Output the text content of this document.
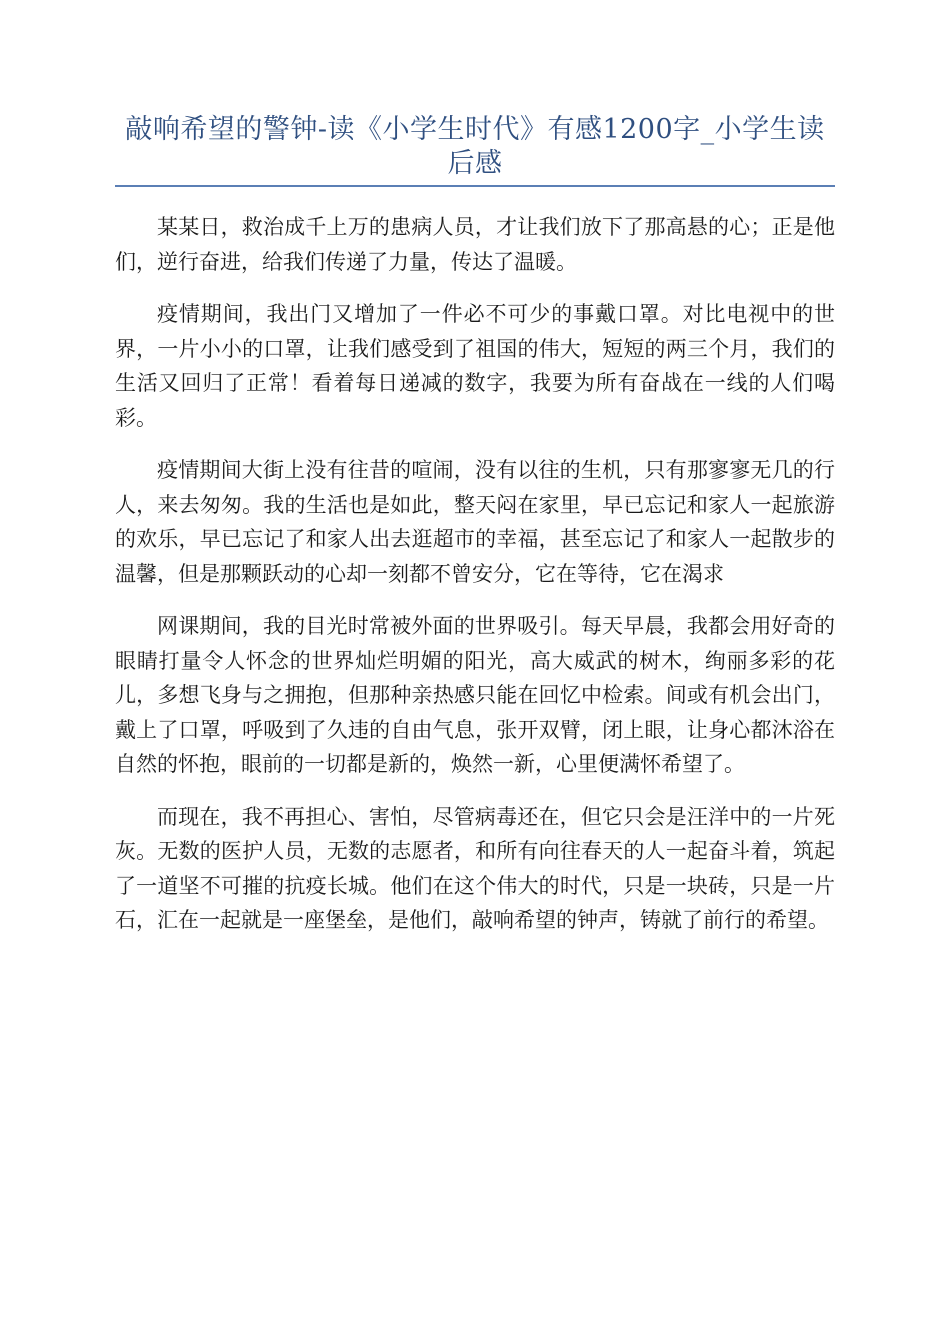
敲响希望的警钟-读《小学生时代》有感1200字_小学生读后感

某某日，救治成千上万的患病人员，才让我们放下了那高悬的心；正是他们，逆行奋进，给我们传递了力量，传达了温暖。

疫情期间，我出门又增加了一件必不可少的事戴口罩。对比电视中的世界，一片小小的口罩，让我们感受到了祖国的伟大，短短的两三个月，我们的生活又回归了正常！看着每日递减的数字，我要为所有奋战在一线的人们喝彩。

疫情期间大街上没有往昔的喧闹，没有以往的生机，只有那寥寥无几的行人，来去匆匆。我的生活也是如此，整天闷在家里，早已忘记和家人一起旅游的欢乐，早已忘记了和家人出去逛超市的幸福，甚至忘记了和家人一起散步的温馨，但是那颗跃动的心却一刻都不曾安分，它在等待，它在渴求

网课期间，我的目光时常被外面的世界吸引。每天早晨，我都会用好奇的眼睛打量令人怀念的世界灿烂明媚的阳光，高大威武的树木，绚丽多彩的花儿，多想飞身与之拥抱，但那种亲热感只能在回忆中检索。间或有机会出门，戴上了口罩，呼吸到了久违的自由气息，张开双臂，闭上眼，让身心都沐浴在自然的怀抱，眼前的一切都是新的，焕然一新，心里便满怀希望了。

而现在，我不再担心、害怕，尽管病毒还在，但它只会是汪洋中的一片死灰。无数的医护人员，无数的志愿者，和所有向往春天的人一起奋斗着，筑起了一道坚不可摧的抗疫长城。他们在这个伟大的时代，只是一块砖，只是一片石，汇在一起就是一座堡垒，是他们，敲响希望的钟声，铸就了前行的希望。
